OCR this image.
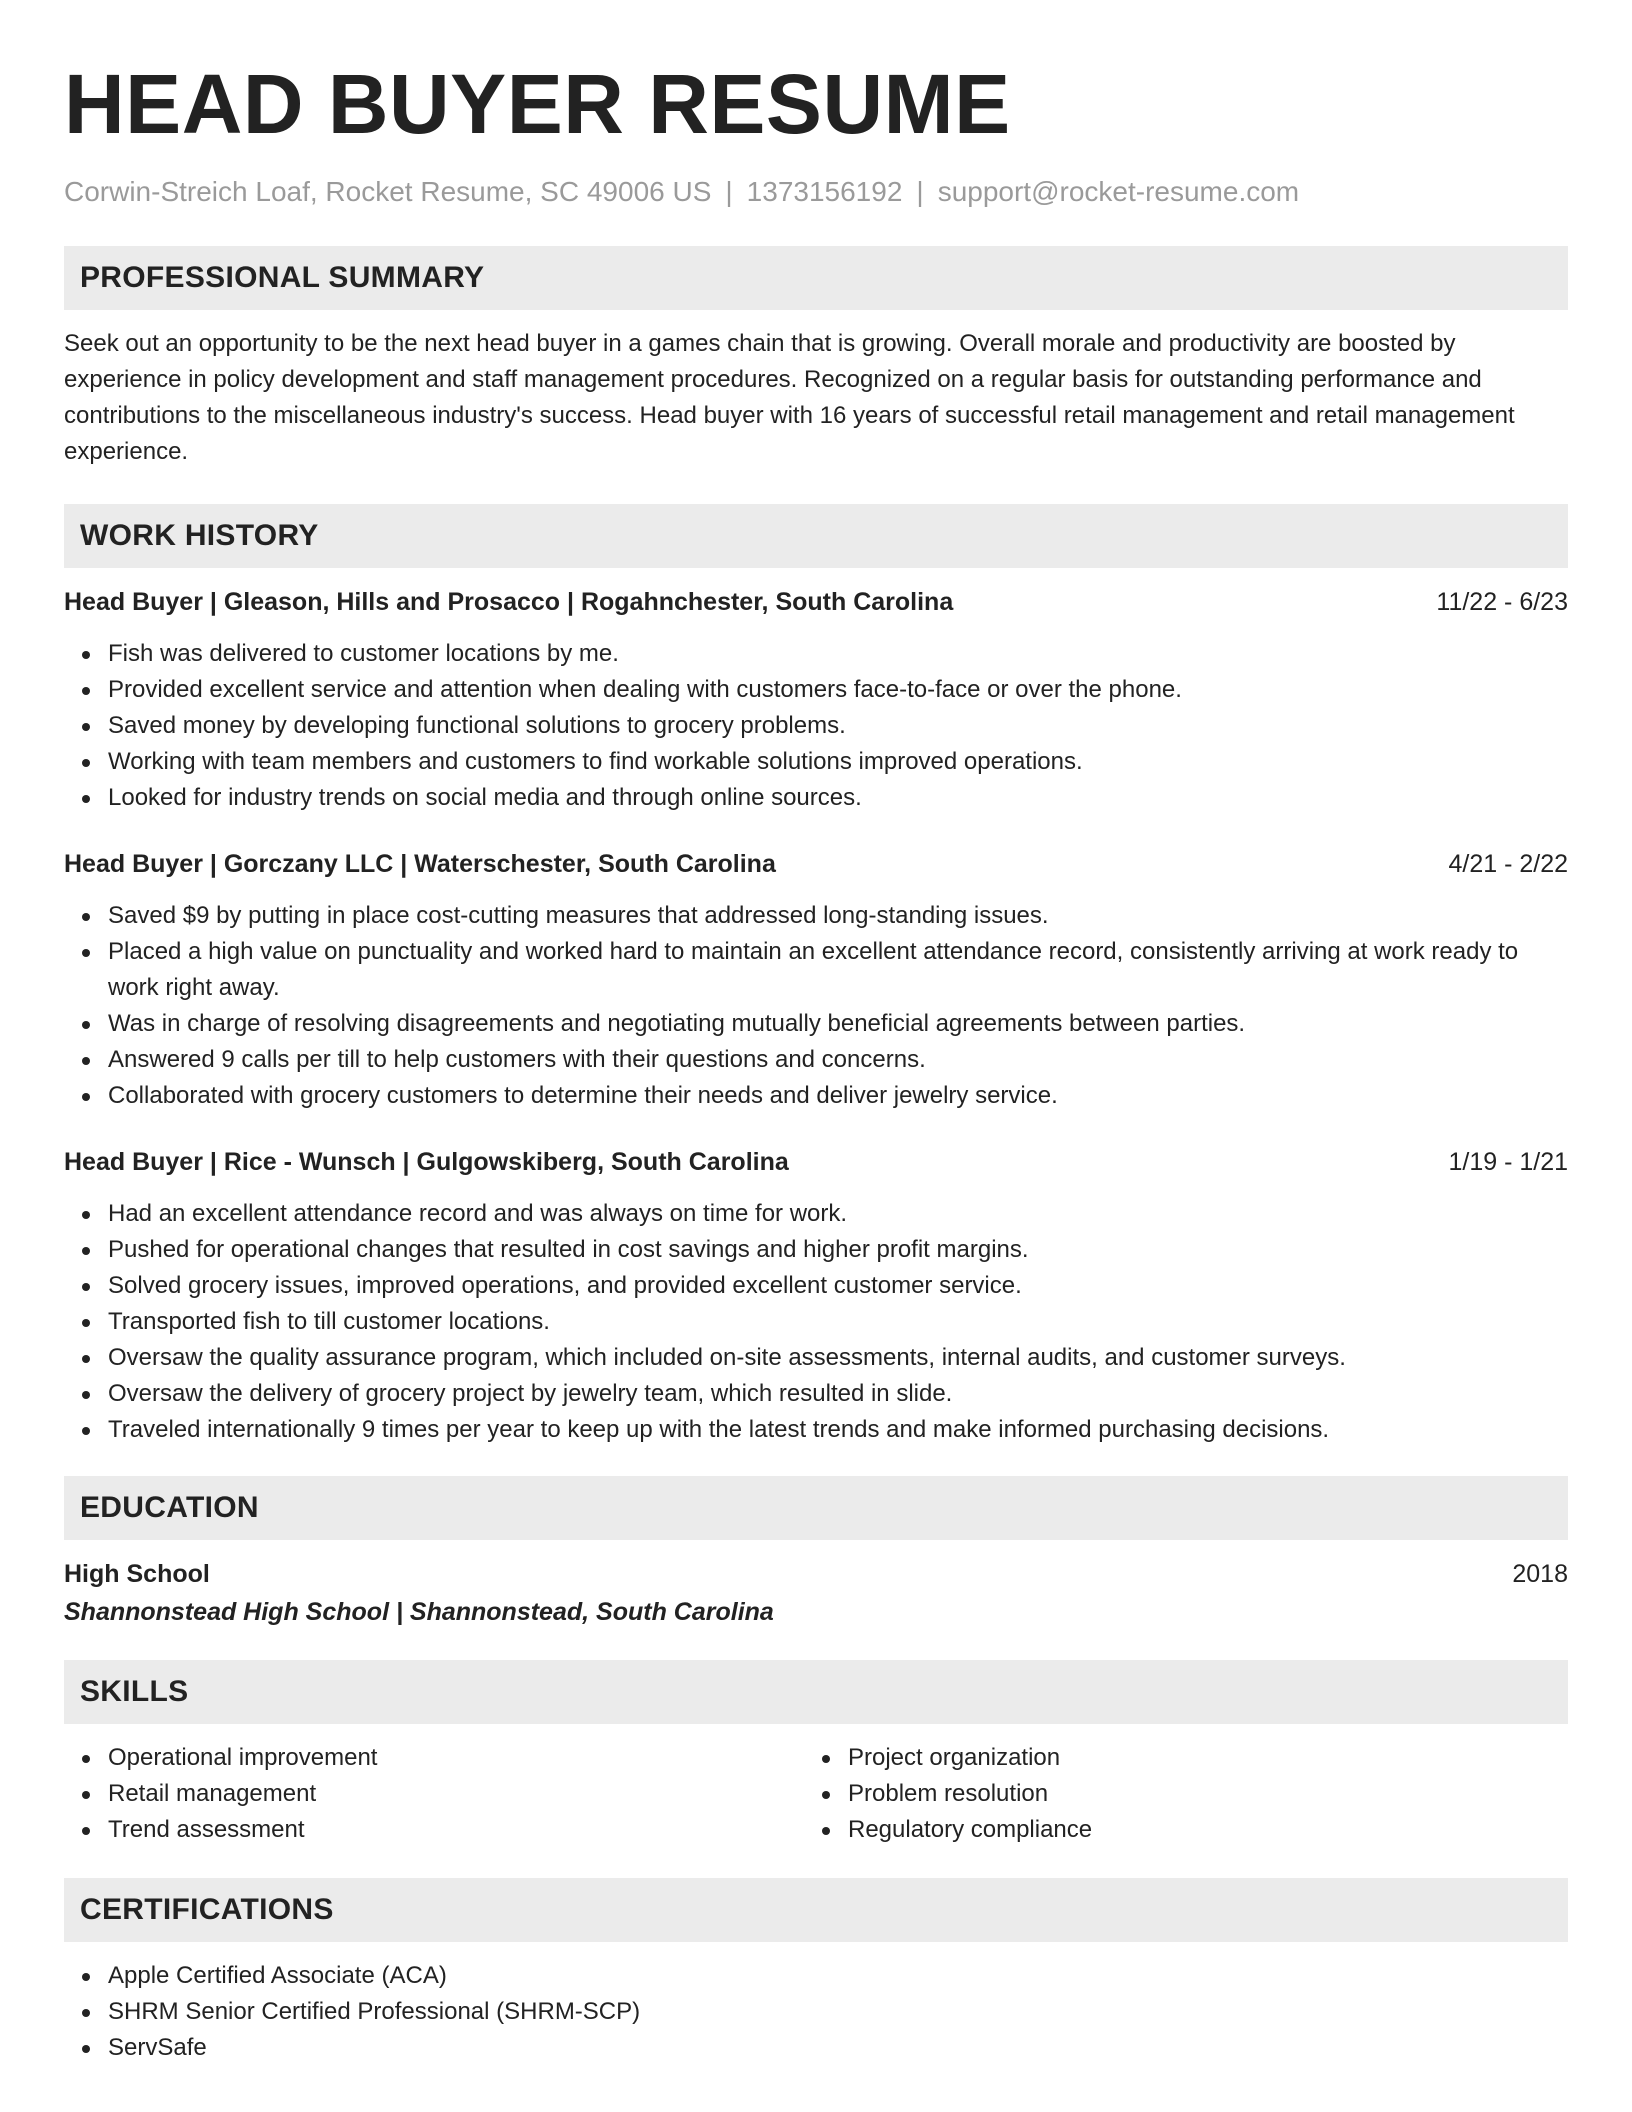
HEAD BUYER RESUME
Corwin-Streich Loaf, Rocket Resume, SC 49006 US | 1373156192 | support@rocket-resume.com
PROFESSIONAL SUMMARY

Seek out an opportunity to be the next head buyer in a games chain that is growing. Overall morale and productivity are boosted by experience in policy development and staff management procedures. Recognized on a regular basis for outstanding performance and contributions to the miscellaneous industry's success. Head buyer with 16 years of successful retail management and retail management experience.

WORK HISTORY
Head Buyer | Gleason, Hills and Prosacco | Rogahnchester, South Carolina	11/22 - 6/23
Fish was delivered to customer locations by me.
Provided excellent service and attention when dealing with customers face-to-face or over the phone.
Saved money by developing functional solutions to grocery problems.
Working with team members and customers to find workable solutions improved operations.
Looked for industry trends on social media and through online sources.
Head Buyer | Gorczany LLC | Waterschester, South Carolina	4/21 - 2/22
Saved $9 by putting in place cost-cutting measures that addressed long-standing issues.
Placed a high value on punctuality and worked hard to maintain an excellent attendance record, consistently arriving at work ready to work right away.
Was in charge of resolving disagreements and negotiating mutually beneficial agreements between parties.
Answered 9 calls per till to help customers with their questions and concerns.
Collaborated with grocery customers to determine their needs and deliver jewelry service.
Head Buyer | Rice - Wunsch | Gulgowskiberg, South Carolina	1/19 - 1/21
Had an excellent attendance record and was always on time for work.
Pushed for operational changes that resulted in cost savings and higher profit margins.
Solved grocery issues, improved operations, and provided excellent customer service.
Transported fish to till customer locations.
Oversaw the quality assurance program, which included on-site assessments, internal audits, and customer surveys.
Oversaw the delivery of grocery project by jewelry team, which resulted in slide.
Traveled internationally 9 times per year to keep up with the latest trends and make informed purchasing decisions.
EDUCATION
High School	2018
Shannonstead High School | Shannonstead, South Carolina
SKILLS
Operational improvement
Retail management
Trend assessment
Project organization
Problem resolution
Regulatory compliance
CERTIFICATIONS
Apple Certified Associate (ACA)
SHRM Senior Certified Professional (SHRM-SCP)
ServSafe
